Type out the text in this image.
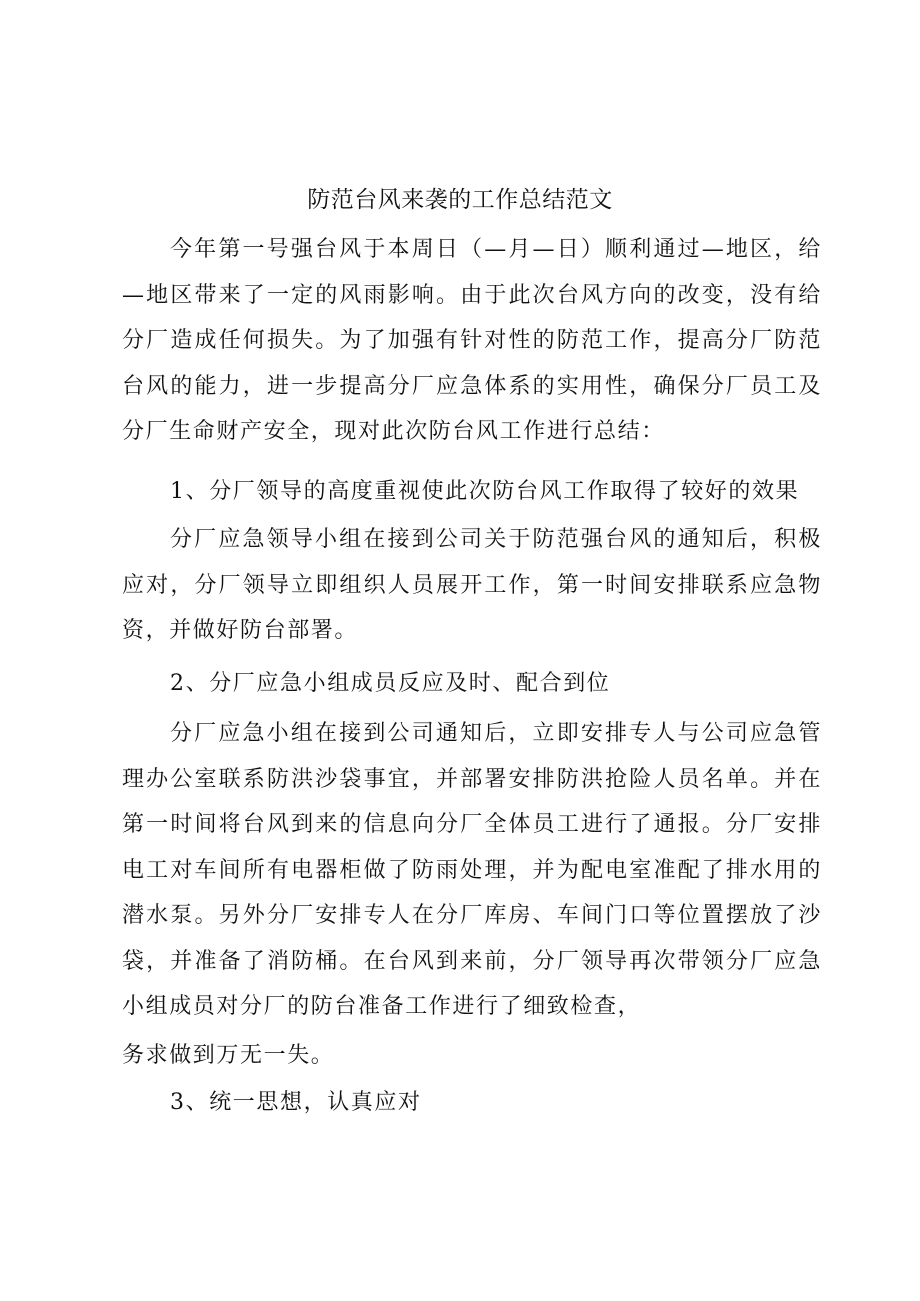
防范台风来袭的工作总结范文
今年第一号强台风于本周日（—月—日）顺利通过—地区，给—地区带来了一定的风雨影响。由于此次台风方向的改变，没有给分厂造成任何损失。为了加强有针对性的防范工作，提高分厂防范台风的能力，进一步提高分厂应急体系的实用性，确保分厂员工及分厂生命财产安全，现对此次防台风工作进行总结：
1、分厂领导的高度重视使此次防台风工作取得了较好的效果
分厂应急领导小组在接到公司关于防范强台风的通知后，积极应对，分厂领导立即组织人员展开工作，第一时间安排联系应急物资，并做好防台部署。
2、分厂应急小组成员反应及时、配合到位
分厂应急小组在接到公司通知后，立即安排专人与公司应急管理办公室联系防洪沙袋事宜，并部署安排防洪抢险人员名单。并在第一时间将台风到来的信息向分厂全体员工进行了通报。分厂安排电工对车间所有电器柜做了防雨处理，并为配电室准配了排水用的潜水泵。另外分厂安排专人在分厂库房、车间门口等位置摆放了沙袋，并准备了消防桶。在台风到来前，分厂领导再次带领分厂应急小组成员对分厂的防台准备工作进行了细致检查，
务求做到万无一失。
3、统一思想，认真应对
